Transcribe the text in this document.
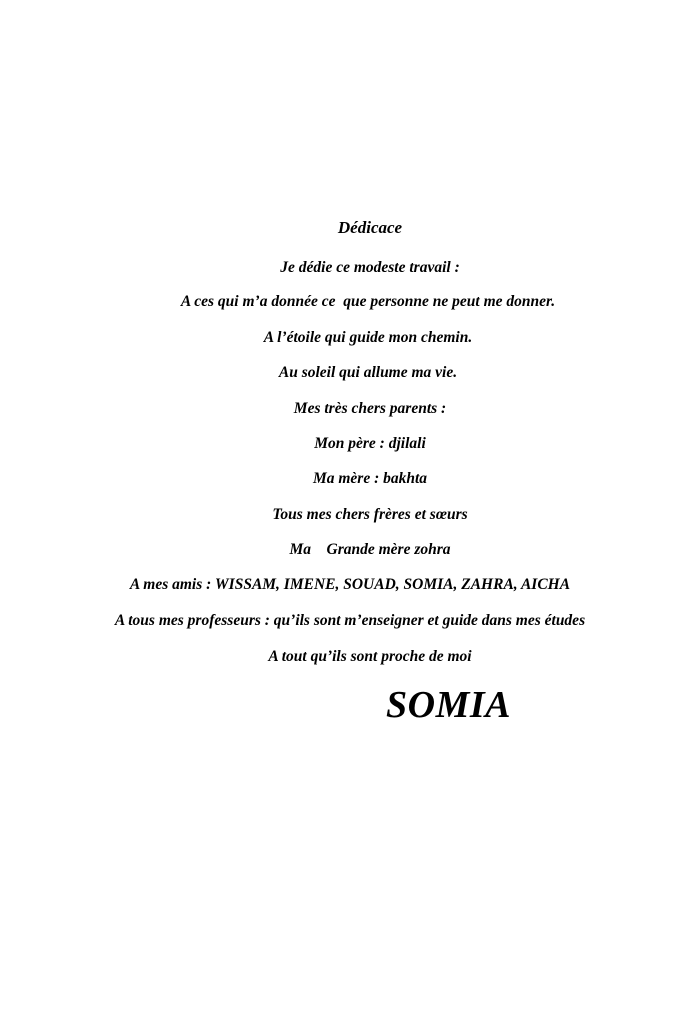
Dédicace
Je dédie ce modeste travail :
A ces qui m’a donnée ce  que personne ne peut me donner.
A l’étoile qui guide mon chemin.
Au soleil qui allume ma vie.
Mes très chers parents :
Mon père : djilali
Ma mère : bakhta
Tous mes chers frères et sœurs
Ma    Grande mère zohra
A mes amis : WISSAM, IMENE, SOUAD, SOMIA, ZAHRA, AICHA
A tous mes professeurs : qu’ils sont m’enseigner et guide dans mes études
A tout qu’ils sont proche de moi
SOMIA
